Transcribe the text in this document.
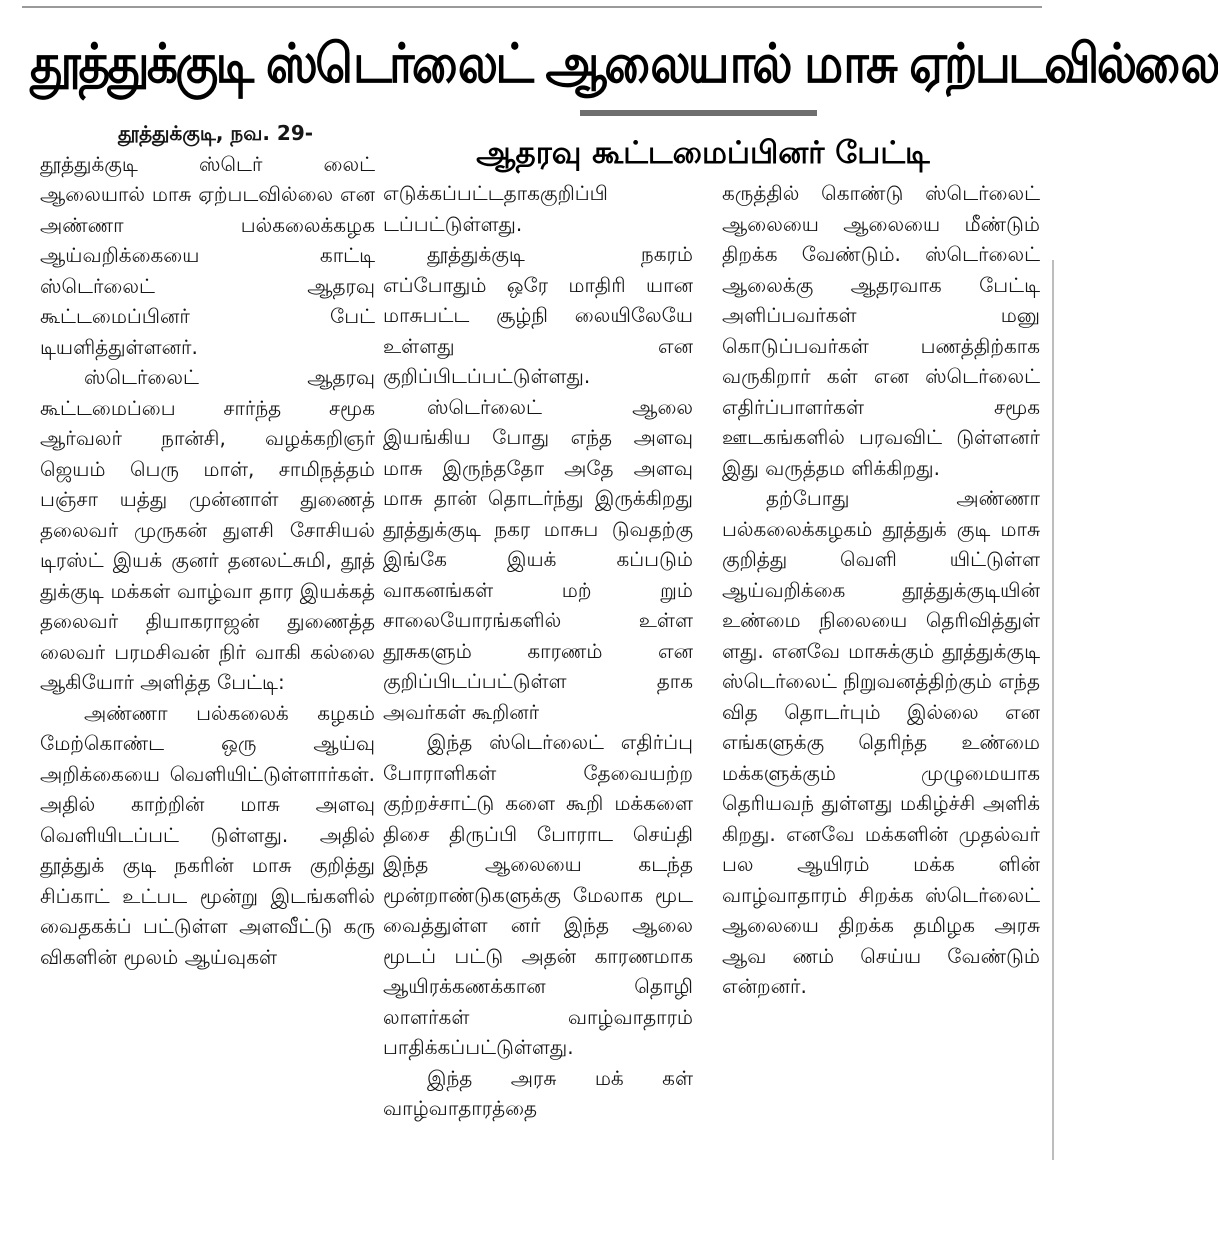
தூத்துக்குடி ஸ்டெர்லைட் ஆலையால் மாசு ஏற்படவில்லை
ஆதரவு கூட்டமைப்பினர் பேட்டி
தூத்துக்குடி, நவ. 29-

தூத்துக்குடி ஸ்டெர் லைட் ஆலையால் மாசு ஏற்படவில்லை என அண்ணா பல்கலைக்கழக ஆய்வறிக்கையை காட்டி ஸ்டெர்லைட் ஆதரவு கூட்டமைப்பினர் பேட் டியளித்துள்ளனர்.

ஸ்டெர்லைட் ஆதரவு கூட்டமைப்பை சார்ந்த சமூக ஆர்வலர் நான்சி, வழக்கறிஞர் ஜெயம் பெரு மாள், சாமிநத்தம் பஞ்சா யத்து முன்னாள் துணைத் தலைவர் முருகன் துளசி சோசியல் டிரஸ்ட் இயக் குனர் தனலட்சுமி, தூத் துக்குடி மக்கள் வாழ்வா தார இயக்கத் தலைவர் தியாகராஜன் துணைத்த லைவர் பரமசிவன் நிர் வாகி கல்லை ஆகியோர் அளித்த பேட்டி:

அண்ணா பல்கலைக் கழகம் மேற்கொண்ட ஒரு ஆய்வு அறிக்கையை வெளியிட்டுள்ளார்கள். அதில் காற்றின் மாசு அளவு வெளியிடப்பட் டுள்ளது. அதில் தூத்துக் குடி நகரின் மாசு குறித்து சிப்காட் உட்பட மூன்று இடங்களில் வைதகக்ப் பட்டுள்ள அளவீட்டு கரு விகளின் மூலம் ஆய்வுகள்

எடுக்கப்பட்டதாககுறிப்பி டப்பட்டுள்ளது.

தூத்துக்குடி நகரம் எப்போதும் ஒரே மாதிரி யான மாசுபட்ட சூழ்நி லையிலேயே உள்ளது என குறிப்பிடப்பட்டுள்ளது.

ஸ்டெர்லைட் ஆலை இயங்கிய போது எந்த அளவு மாசு இருந்ததோ அதே அளவு மாசு தான் தொடர்ந்து இருக்கிறது தூத்துக்குடி நகர மாசுப டுவதற்கு இங்கே இயக் கப்படும் வாகனங்கள் மற் றும் சாலையோரங்களில் உள்ள தூசுகளும் காரணம் என குறிப்பிடப்பட்டுள்ள தாக அவர்கள் கூறினர்

இந்த ஸ்டெர்லைட் எதிர்ப்பு போராளிகள் தேவையற்ற குற்றச்சாட்டு களை கூறி மக்களை திசை திருப்பி போராட செய்தி இந்த ஆலையை கடந்த மூன்றாண்டுகளுக்கு மேலாக மூட வைத்துள்ள னர் இந்த ஆலை மூடப் பட்டு அதன் காரணமாக ஆயிரக்கணக்கான தொழி லாளர்கள் வாழ்வாதாரம் பாதிக்கப்பட்டுள்ளது.

இந்த அரசு மக் கள் வாழ்வாதாரத்தை

கருத்தில் கொண்டு ஸ்டெர்லைட் ஆலையை ஆலையை மீண்டும் திறக்க வேண்டும். ஸ்டெர்லைட் ஆலைக்கு ஆதரவாக பேட்டி அளிப்பவர்கள் மனு கொடுப்பவர்கள் பணத்திற்காக வருகிறார் கள் என ஸ்டெர்லைட் எதிர்ப்பாளர்கள் சமூக ஊடகங்களில் பரவவிட் டுள்ளனர் இது வருத்தம ளிக்கிறது.

தற்போது அண்ணா பல்கலைக்கழகம் தூத்துக் குடி மாசு குறித்து வெளி யிட்டுள்ள ஆய்வறிக்கை தூத்துக்குடியின் உண்மை நிலையை தெரிவித்துள் ளது. எனவே மாசுக்கும் தூத்துக்குடி ஸ்டெர்லைட் நிறுவனத்திற்கும் எந்த வித தொடர்பும் இல்லை என எங்களுக்கு தெரிந்த உண்மை மக்களுக்கும் முழுமையாக தெரியவந் துள்ளது மகிழ்ச்சி அளிக் கிறது. எனவே மக்களின் முதல்வர் பல ஆயிரம் மக்க ளின் வாழ்வாதாரம் சிறக்க ஸ்டெர்லைட் ஆலையை திறக்க தமிழக அரசு ஆவ ணம் செய்ய வேண்டும் என்றனர்.
